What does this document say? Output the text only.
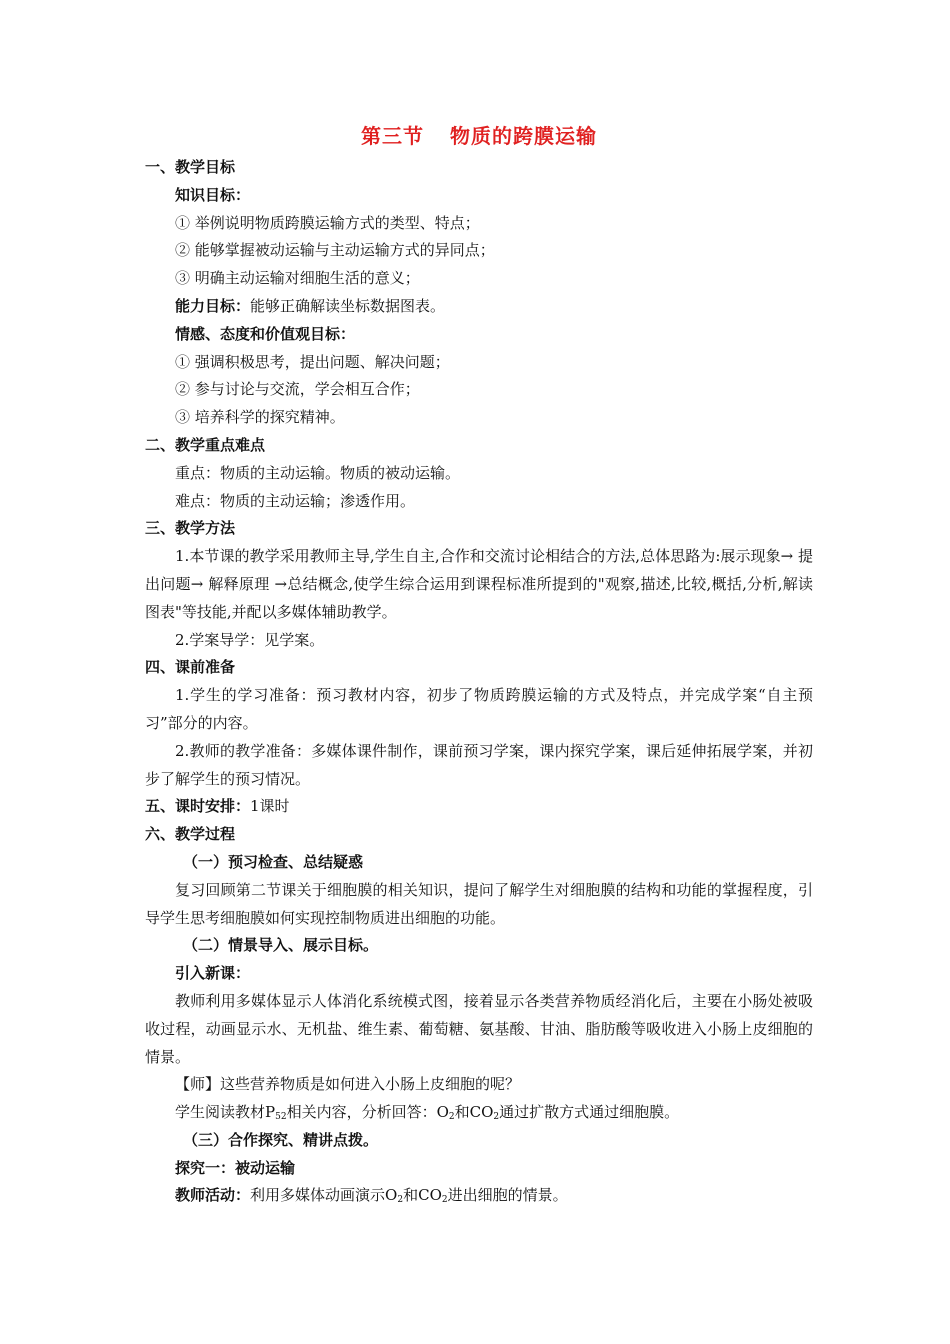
第三节 物质的跨膜运输
一、教学目标
知识目标：
① 举例说明物质跨膜运输方式的类型、特点；
② 能够掌握被动运输与主动运输方式的异同点；
③ 明确主动运输对细胞生活的意义；
能力目标：能够正确解读坐标数据图表。
情感、态度和价值观目标：
① 强调积极思考，提出问题、解决问题；
② 参与讨论与交流，学会相互合作；
③ 培养科学的探究精神。
二、教学重点难点
重点：物质的主动运输。物质的被动运输。
难点：物质的主动运输；渗透作用。
三、教学方法
1.本节课的教学采用教师主导,学生自主,合作和交流讨论相结合的方法,总体思路为:展示现象→ 提出问题→ 解释原理 →总结概念,使学生综合运用到课程标准所提到的"观察,描述,比较,概括,分析,解读图表"等技能,并配以多媒体辅助教学。
2.学案导学：见学案。
四、课前准备
1.学生的学习准备：预习教材内容，初步了物质跨膜运输的方式及特点，并完成学案“自主预习”部分的内容。
2.教师的教学准备：多媒体课件制作，课前预习学案，课内探究学案，课后延伸拓展学案，并初步了解学生的预习情况。
五、课时安排：1课时
六、教学过程
（一）预习检查、总结疑惑
复习回顾第二节课关于细胞膜的相关知识，提问了解学生对细胞膜的结构和功能的掌握程度，引导学生思考细胞膜如何实现控制物质进出细胞的功能。
（二）情景导入、展示目标。
引入新课：
教师利用多媒体显示人体消化系统模式图，接着显示各类营养物质经消化后，主要在小肠处被吸收过程，动画显示水、无机盐、维生素、葡萄糖、氨基酸、甘油、脂肪酸等吸收进入小肠上皮细胞的情景。
【师】这些营养物质是如何进入小肠上皮细胞的呢？
学生阅读教材$P_{52}$相关内容，分析回答：$O_2$和$CO_2$通过扩散方式通过细胞膜。
（三）合作探究、精讲点拨。
探究一：被动运输
教师活动：利用多媒体动画演示$O_2$和$CO_2$进出细胞的情景。
